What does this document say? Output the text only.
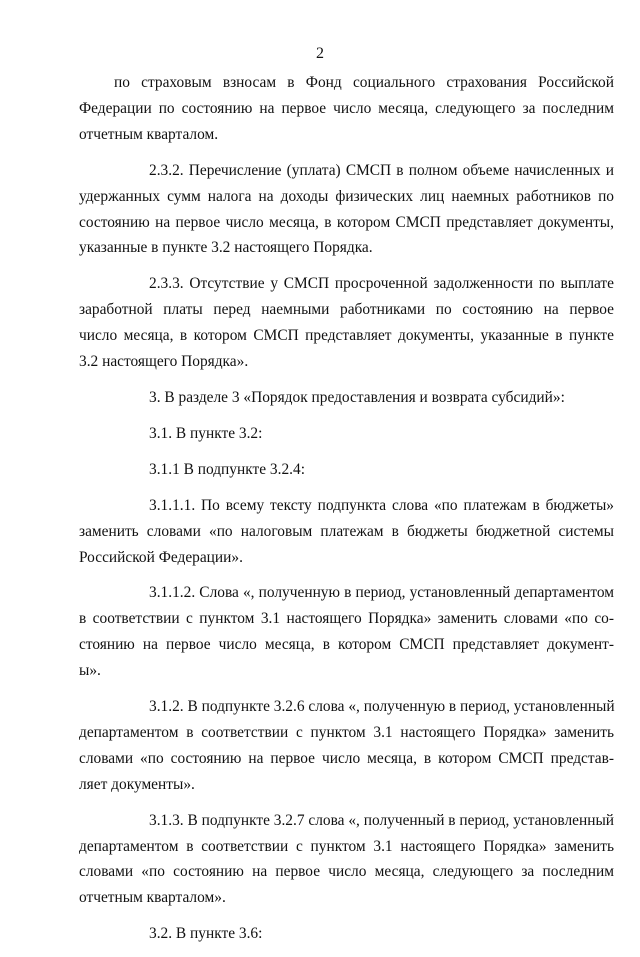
2

по страховым взносам в Фонд социального страхования Российской
Федерации по состоянию на первое число месяца, следующего за последним
отчетным кварталом.

2.3.2. Перечисление (уплата) СМСП в полном объеме начисленных и
удержанных сумм налога на доходы физических лиц наемных работников по
состоянию на первое число месяца, в котором СМСП представляет документы,
указанные в пункте 3.2 настоящего Порядка.

2.3.3. Отсутствие у СМСП просроченной задолженности по выплате
заработной платы перед наемными работниками по состоянию на первое
число месяца, в котором СМСП представляет документы, указанные в пункте
3.2 настоящего Порядка».

3. В разделе 3 «Порядок предоставления и возврата субсидий»:

3.1. В пункте 3.2:

3.1.1 В подпункте 3.2.4:

3.1.1.1. По всему тексту подпункта слова «по платежам в бюджеты»
заменить словами «по налоговым платежам в бюджеты бюджетной системы
Российской Федерации».

3.1.1.2. Слова «, полученную в период, установленный департаментом
в соответствии с пунктом 3.1 настоящего Порядка» заменить словами «по со-
стоянию на первое число месяца, в котором СМСП представляет документ-
ы».

3.1.2. В подпункте 3.2.6 слова «, полученную в период, установленный
департаментом в соответствии с пунктом 3.1 настоящего Порядка» заменить
словами «по состоянию на первое число месяца, в котором СМСП представ-
ляет документы».

3.1.3. В подпункте 3.2.7 слова «, полученный в период, установленный
департаментом в соответствии с пунктом 3.1 настоящего Порядка» заменить
словами «по состоянию на первое число месяца, следующего за последним
отчетным кварталом».

3.2. В пункте 3.6:
